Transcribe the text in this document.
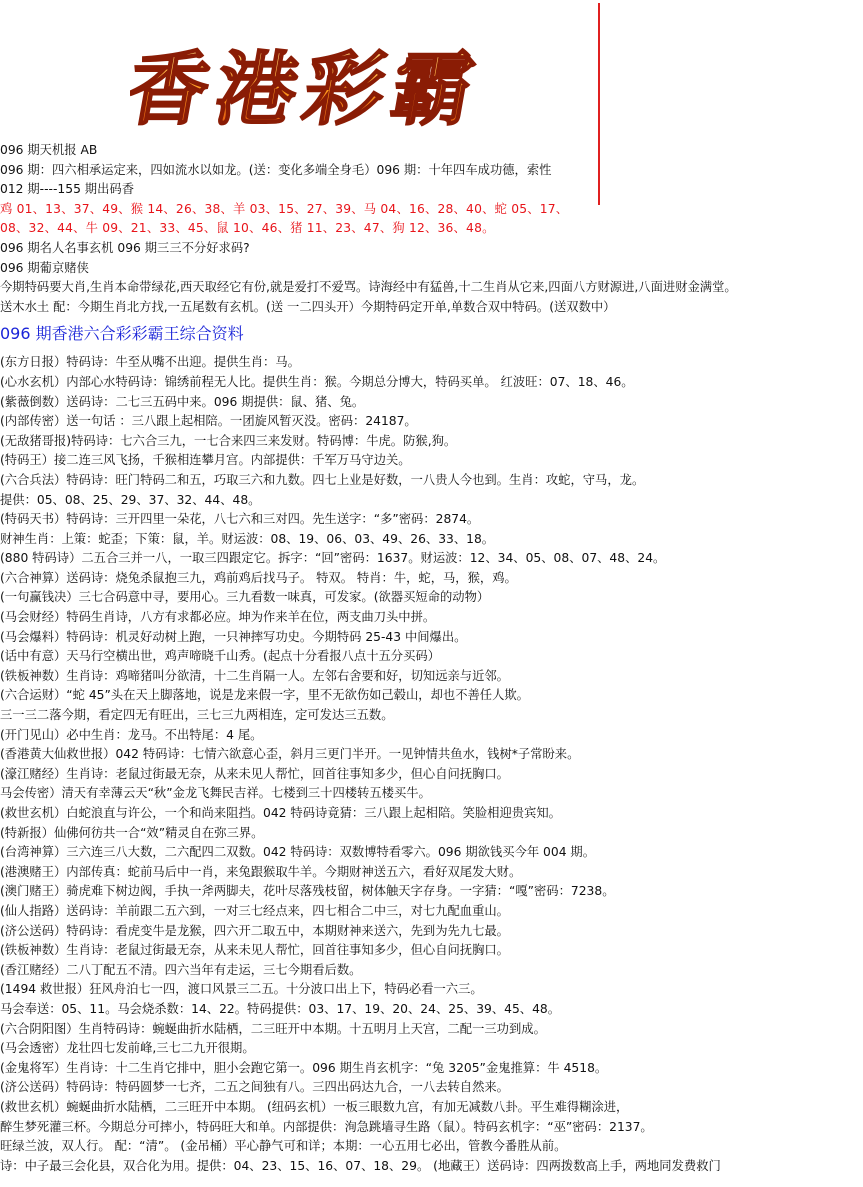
香港彩霸
096 期天机报 AB
096 期：四六相承运定来，四如流水以如龙。(送：变化多端全身毛）096 期：十年四车成功德，索性
012 期----155 期出码香
鸡 01、13、37、49、猴 14、26、38、羊 03、15、27、39、马 04、16、28、40、蛇 05、17、
08、32、44、牛 09、21、33、45、鼠 10、46、猪 11、23、47、狗 12、36、48。
096 期名人名事玄机 096 期三三不分好求码?
096 期葡京赌侠
今期特码要大肖,生肖本命带绿花,西天取经它有份,就是爱打不爱骂。诗海经中有猛兽,十二生肖从它来,四面八方财源进,八面进财金满堂。
送木水土 配：今期生肖北方找,一五尾数有玄机。(送 一二四头开）今期特码定开单,单数合双中特码。(送双数中）
096 期香港六合彩彩霸王综合资料
(东方日报）特码诗：牛至从嘴不出迎。提供生肖：马。
(心水玄机）内部心水特码诗：锦绣前程无人比。提供生肖：猴。今期总分博大，特码买单。 红波旺：07、18、46。
(紫薇倒数）送码诗：二七三五码中来。096 期提供：鼠、猪、兔。
(内部传密）送一句话 ：三八跟上起相陪。一团旋风暂灭没。密码：24187。
(无敌猪哥报)特码诗：七六合三九，一七合来四三来发财。特码博：牛虎。防猴,狗。
(特码王）接二连三风飞扬，千猴相连攀月宫。内部提供：千军万马守边关。
(六合兵法）特码诗：旺门特码二和五，巧取三六和九数。四七上业是好数，一八贵人今也到。生肖：攻蛇，守马，龙。
提供：05、08、25、29、37、32、44、48。
(特码天书）特码诗：三开四里一朵花，八七六和三对四。先生送字：“多”密码：2874。
财神生肖：上策：蛇歪；下策：鼠，羊。财运波：08、19、06、03、49、26、33、18。
(880 特码诗）二五合三并一八，一取三四跟定它。拆字：“回”密码：1637。财运波：12、34、05、08、07、48、24。
(六合神算）送码诗：烧兔杀鼠抱三九，鸡前鸡后找马子。 特双。 特肖：牛，蛇，马，猴，鸡。
(一句赢钱决）三七合码意中寻，要用心。三九看数一味真，可发家。(欲器买短命的动物）
(马会财经）特码生肖诗，八方有求都必应。坤为作来羊在位，两支曲刀头中拼。
(马会爆料）特码诗：机灵好动树上跑，一只神摔写功史。今期特码 25-43 中间爆出。
(话中有意）天马行空横出世，鸡声啼晓千山秀。(起点十分看报八点十五分买码）
(铁板神数）生肖诗：鸡啼猪叫分欲清，十二生肖隔一人。左邻右舍要和好，切知远亲与近邻。
(六合运财）“蛇 45”头在天上脚落地，说是龙来假一字，里不无欲伤如己毂山，却也不善任人欺。
三一三二落今期，看定四无有旺出，三七三九两相连，定可发达三五数。
(开门见山）必中生肖：龙马。不出特尾：4 尾。
(香港黄大仙救世报）042 特码诗：七情六欲意心歪，斜月三更门半开。一见钟情共鱼水，钱树*子常盼来。
(濠江赌经）生肖诗：老鼠过街最无奈，从来未见人帮忙，回首往事知多少，但心自问抚胸口。
马会传密）清天有幸薄云天“秋”金龙飞舞民吉祥。七楼到三十四楼转五楼买牛。
(救世玄机）白蛇浪直与许公，一个和尚来阻挡。042 特码诗竟猜：三八跟上起相陪。笑脸相迎贵宾知。
(特新报）仙佛何彷共一合“效”精灵自在弥三界。
(台湾神算）三六连三八大数，二六配四二双数。042 特码诗：双数博特看零六。096 期欲钱买今年 004 期。
(港澳赌王）内部传真：蛇前马后中一肖，来兔跟猴取牛羊。今期财神送五六，看好双尾发大财。
(澳门赌王）骑虎难下树边阀，手执一斧两脚夫，花叶尽落残枝留，树体触天字存身。一字猜：“嘎”密码：7238。
(仙人指路）送码诗：羊前跟二五六到，一对三七经点来，四七相合二中三，对七九配血重山。
(济公送码）特码诗：看虎变牛是龙猴，四六开二取五中，本期财神来送六，先到为先九七最。
(铁板神数）生肖诗：老鼠过街最无奈，从来未见人帮忙，回首往事知多少，但心自问抚胸口。
(香江赌经）二八丁配五不清。四六当年有走运，三七今期看后数。
(1494 救世报）狂风舟泊七一四，渡口风景三二五。十分波口出上下，特码必看一六三。
马会奉送：05、11。马会烧杀数：14、22。特码提供：03、17、19、20、24、25、39、45、48。
(六合阴阳图）生肖特码诗：蜿蜒曲折水陆栖，二三旺开中本期。十五明月上天宫，二配一三功到成。
(马会透密）龙壮四七发前峰,三七二九开很期。
(金鬼将军）生肖诗：十二生肖它排中，胆小会跑它第一。096 期生肖玄机字：“兔 3205”金鬼推算：牛 4518。
(济公送码）特码诗：特码圆梦一七齐，二五之间独有八。三四出码达九合，一八去转自然来。
(救世玄机）蜿蜒曲折水陆栖，二三旺开中本期。 (纽码玄机）一板三眼数九宫，有加无减数八卦。平生难得糊涂进，
醉生梦死灌三杯。今期总分可摔小，特码旺大和单。内部提供：洵急跳墙寻生路（鼠）。特码玄机字：“巫”密码：2137。
旺绿兰波，双人行。 配：“清”。 (金吊桶）平心静气可和详；本期：一心五用七必出，管教今番胜从前。
诗：中子最三会化县，双合化为用。提供：04、23、15、16、07、18、29。 (地藏王）送码诗：四两拨数高上手，两地同发费救门
